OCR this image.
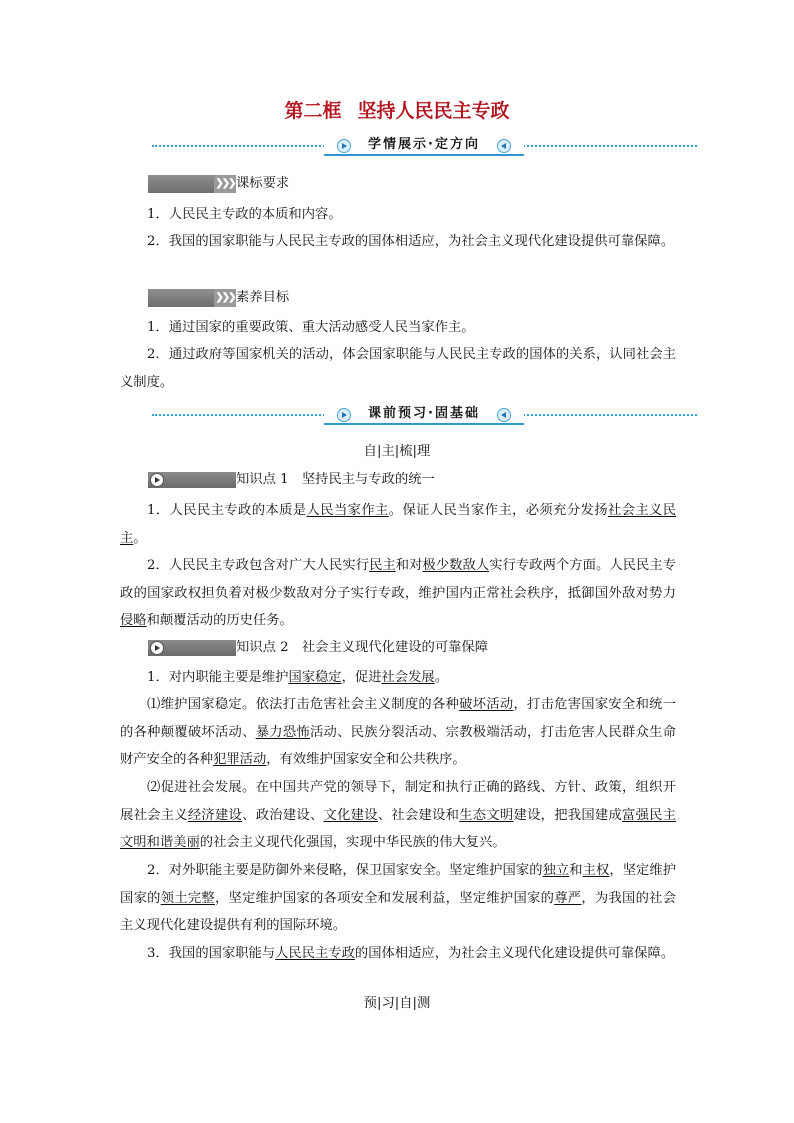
第二框 坚持人民民主专政
学情展示·定方向
❯❯❯ 课标要求
1．人民民主专政的本质和内容。
2．我国的国家职能与人民民主专政的国体相适应，为社会主义现代化建设提供可靠保障。
❯❯❯ 素养目标
1．通过国家的重要政策、重大活动感受人民当家作主。
2．通过政府等国家机关的活动，体会国家职能与人民民主专政的国体的关系，认同社会主义制度。
课前预习·固基础
自|主|梳|理
知识点 1　坚持民主与专政的统一
1．人民民主专政的本质是人民当家作主。保证人民当家作主，必须充分发扬社会主义民主。
2．人民民主专政包含对广大人民实行民主和对极少数敌人实行专政两个方面。人民民主专政的国家政权担负着对极少数敌对分子实行专政，维护国内正常社会秩序，抵御国外敌对势力侵略和颠覆活动的历史任务。
知识点 2　社会主义现代化建设的可靠保障
1．对内职能主要是维护国家稳定，促进社会发展。
⑴维护国家稳定。依法打击危害社会主义制度的各种破坏活动，打击危害国家安全和统一的各种颠覆破坏活动、暴力恐怖活动、民族分裂活动、宗教极端活动，打击危害人民群众生命财产安全的各种犯罪活动，有效维护国家安全和公共秩序。
⑵促进社会发展。在中国共产党的领导下，制定和执行正确的路线、方针、政策，组织开展社会主义经济建设、政治建设、文化建设、社会建设和生态文明建设，把我国建成富强民主文明和谐美丽的社会主义现代化强国，实现中华民族的伟大复兴。
2．对外职能主要是防御外来侵略，保卫国家安全。坚定维护国家的独立和主权，坚定维护国家的领土完整，坚定维护国家的各项安全和发展利益，坚定维护国家的尊严，为我国的社会主义现代化建设提供有利的国际环境。
3．我国的国家职能与人民民主专政的国体相适应，为社会主义现代化建设提供可靠保障。
预|习|自|测
